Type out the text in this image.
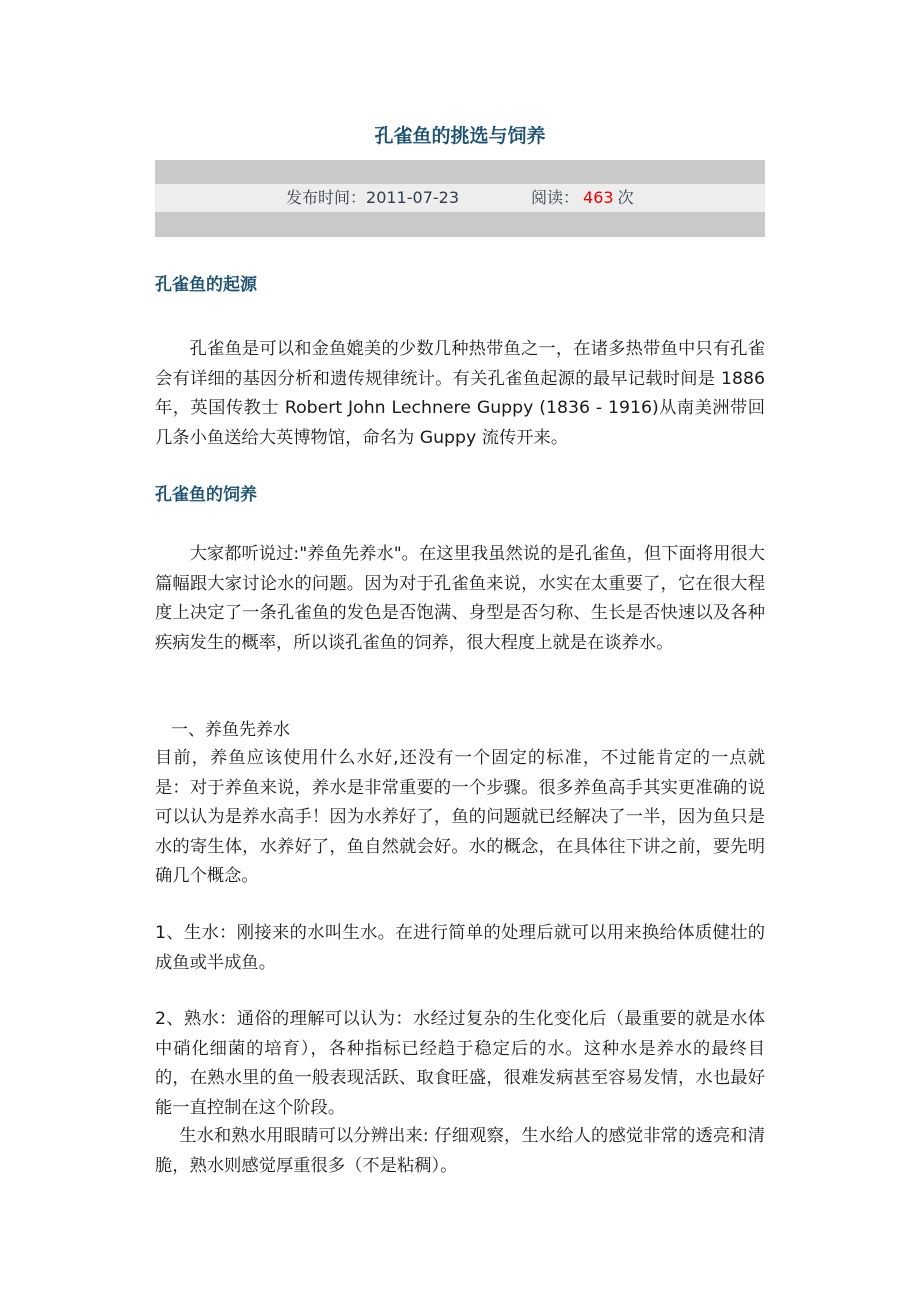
孔雀鱼的挑选与饲养
发布时间：2011-07-23	阅读： 463 次
孔雀鱼的起源

孔雀鱼是可以和金鱼媲美的少数几种热带鱼之一，在诸多热带鱼中只有孔雀会有详细的基因分析和遗传规律统计。有关孔雀鱼起源的最早记载时间是 1886 年，英国传教士 Robert John Lechnere Guppy (1836 - 1916)从南美洲带回几条小鱼送给大英博物馆，命名为 Guppy 流传开来。

孔雀鱼的饲养

大家都听说过:"养鱼先养水"。在这里我虽然说的是孔雀鱼，但下面将用很大篇幅跟大家讨论水的问题。因为对于孔雀鱼来说，水实在太重要了，它在很大程度上决定了一条孔雀鱼的发色是否饱满、身型是否匀称、生长是否快速以及各种疾病发生的概率，所以谈孔雀鱼的饲养，很大程度上就是在谈养水。

一、养鱼先养水

目前，养鱼应该使用什么水好,还没有一个固定的标准，不过能肯定的一点就是：对于养鱼来说，养水是非常重要的一个步骤。很多养鱼高手其实更准确的说可以认为是养水高手！因为水养好了，鱼的问题就已经解决了一半，因为鱼只是水的寄生体，水养好了，鱼自然就会好。水的概念，在具体往下讲之前，要先明确几个概念。

1、生水：刚接来的水叫生水。在进行简单的处理后就可以用来换给体质健壮的成鱼或半成鱼。

2、熟水：通俗的理解可以认为：水经过复杂的生化变化后（最重要的就是水体中硝化细菌的培育），各种指标已经趋于稳定后的水。这种水是养水的最终目的，在熟水里的鱼一般表现活跃、取食旺盛，很难发病甚至容易发情，水也最好能一直控制在这个阶段。

生水和熟水用眼睛可以分辨出来: 仔细观察，生水给人的感觉非常的透亮和清脆，熟水则感觉厚重很多（不是粘稠）。
